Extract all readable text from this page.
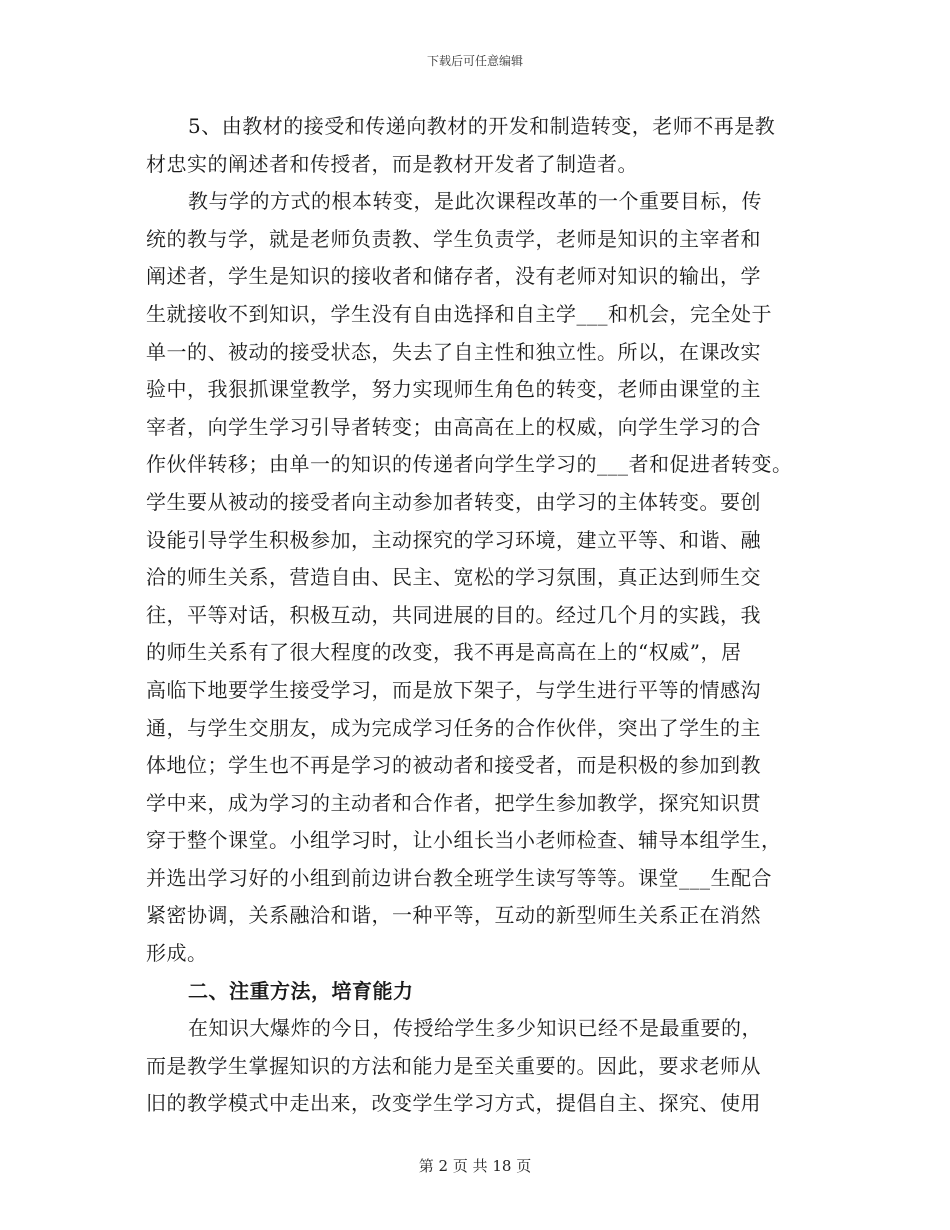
下载后可任意编辑
5、由教材的接受和传递向教材的开发和制造转变，老师不再是教
材忠实的阐述者和传授者，而是教材开发者了制造者。
教与学的方式的根本转变，是此次课程改革的一个重要目标，传
统的教与学，就是老师负责教、学生负责学，老师是知识的主宰者和
阐述者，学生是知识的接收者和储存者，没有老师对知识的输出，学
生就接收不到知识，学生没有自由选择和自主学___和机会，完全处于
单一的、被动的接受状态，失去了自主性和独立性。所以，在课改实
验中，我狠抓课堂教学，努力实现师生角色的转变，老师由课堂的主
宰者，向学生学习引导者转变；由高高在上的权威，向学生学习的合
作伙伴转移；由单一的知识的传递者向学生学习的___者和促进者转变。
学生要从被动的接受者向主动参加者转变，由学习的主体转变。要创
设能引导学生积极参加，主动探究的学习环境，建立平等、和谐、融
洽的师生关系，营造自由、民主、宽松的学习氛围，真正达到师生交
往，平等对话，积极互动，共同进展的目的。经过几个月的实践，我
的师生关系有了很大程度的改变，我不再是高高在上的“权威”，居
高临下地要学生接受学习，而是放下架子，与学生进行平等的情感沟
通，与学生交朋友，成为完成学习任务的合作伙伴，突出了学生的主
体地位；学生也不再是学习的被动者和接受者，而是积极的参加到教
学中来，成为学习的主动者和合作者，把学生参加教学，探究知识贯
穿于整个课堂。小组学习时，让小组长当小老师检查、辅导本组学生，
并选出学习好的小组到前边讲台教全班学生读写等等。课堂___生配合
紧密协调，关系融洽和谐，一种平等，互动的新型师生关系正在消然
形成。
二、注重方法，培育能力
在知识大爆炸的今日，传授给学生多少知识已经不是最重要的，
而是教学生掌握知识的方法和能力是至关重要的。因此，要求老师从
旧的教学模式中走出来，改变学生学习方式，提倡自主、探究、使用
第 2 页 共 18 页
